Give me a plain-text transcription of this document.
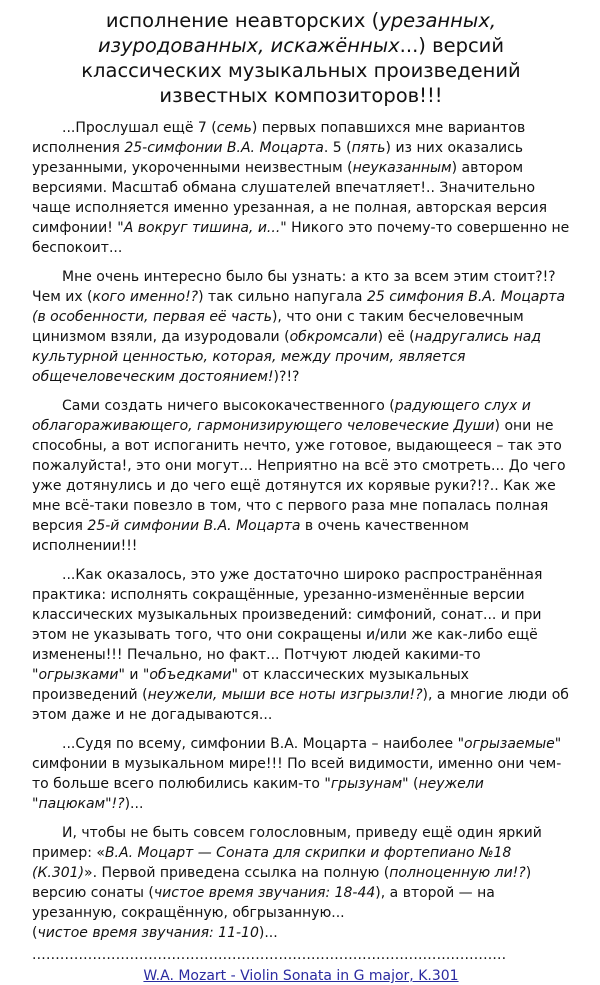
исполнение неавторских (урезанных, изуродованных, искажённых...) версий классических музыкальных произведений известных композиторов!!!

...Прослушал ещё 7 (семь) первых попавшихся мне вариантов исполнения 25-симфонии В.А. Моцарта. 5 (пять) из них оказались урезанными, укороченными неизвестным (неуказанным) автором версиями. Масштаб обмана слушателей впечатляет!.. Значительно чаще исполняется именно урезанная, а не полная, авторская версия симфонии! "А вокруг тишина, и..." Никого это почему-то совершенно не беспокоит...

Мне очень интересно было бы узнать: а кто за всем этим стоит?!? Чем их (кого именно!?) так сильно напугала 25 симфония В.А. Моцарта (в особенности, первая её часть), что они с таким бесчеловечным цинизмом взяли, да изуродовали (обкромсали) её (надругались над культурной ценностью, которая, между прочим, является общечеловеческим достоянием!)?!?

Сами создать ничего высококачественного (радующего слух и облагораживающего, гармонизирующего человеческие Души) они не способны, а вот испоганить нечто, уже готовое, выдающееся – так это пожалуйста!, это они могут... Неприятно на всё это смотреть... До чего уже дотянулись и до чего ещё дотянутся их корявые руки?!?.. Как же мне всё-таки повезло в том, что с первого раза мне попалась полная версия 25-й симфонии В.А. Моцарта в очень качественном исполнении!!!

...Как оказалось, это уже достаточно широко распространённая практика: исполнять сокращённые, урезанно-изменённые версии классических музыкальных произведений: симфоний, сонат... и при этом не указывать того, что они сокращены и/или же как-либо ещё изменены!!! Печально, но факт... Потчуют людей какими-то "огрызками" и "объедками" от классических музыкальных произведений (неужели, мыши все ноты изгрызли!?), а многие люди об этом даже и не догадываются...

...Судя по всему, симфонии В.А. Моцарта – наиболее "огрызаемые" симфонии в музыкальном мире!!! По всей видимости, именно они чем-то больше всего полюбились каким-то "грызунам" (неужели "пацюкам"!?)...

И, чтобы не быть совсем голословным, приведу ещё один яркий пример: «В.А. Моцарт — Соната для скрипки и фортепиано №18 (К.301)». Первой приведена ссылка на полную (полноценную ли!?) версию сонаты (чистое время звучания: 18-44), а второй — на урезанную, сокращённую, обгрызанную...
(чистое время звучания: 11-10)...

......................................................................................................
W.A. Mozart - Violin Sonata in G major, K.301
